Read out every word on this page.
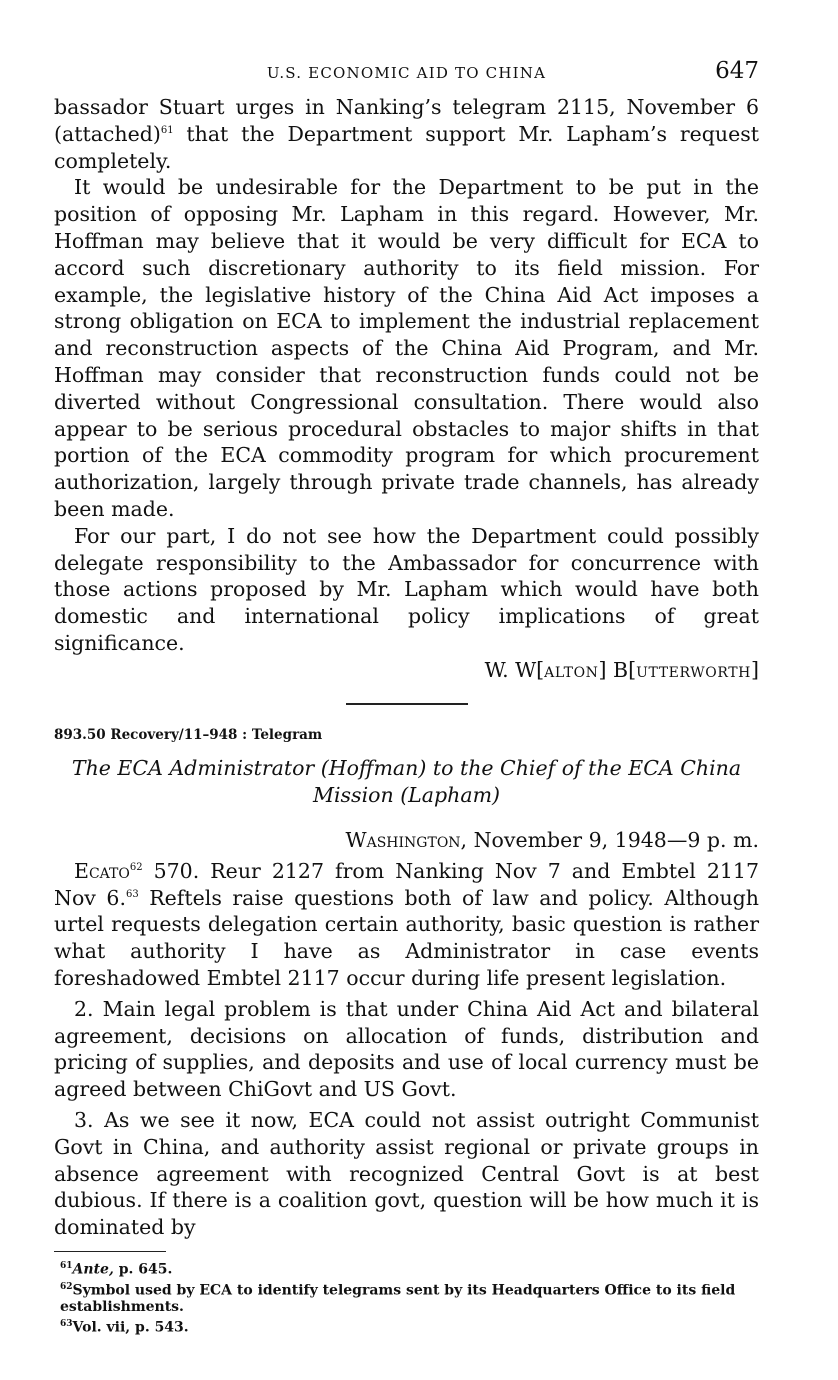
U.S. ECONOMIC AID TO CHINA	647

bassador Stuart urges in Nanking’s telegram 2115, November 6 (attached)$^{61}$ that the Department support Mr. Lapham’s request completely.

It would be undesirable for the Department to be put in the position of opposing Mr. Lapham in this regard. However, Mr. Hoffman may believe that it would be very difficult for ECA to accord such discretionary authority to its field mission. For example, the legislative history of the China Aid Act imposes a strong obligation on ECA to implement the industrial replacement and reconstruction aspects of the China Aid Program, and Mr. Hoffman may consider that reconstruction funds could not be diverted without Congressional consultation. There would also appear to be serious procedural obstacles to major shifts in that portion of the ECA commodity program for which procurement authorization, largely through private trade channels, has already been made.

For our part, I do not see how the Department could possibly delegate responsibility to the Ambassador for concurrence with those actions proposed by Mr. Lapham which would have both domestic and international policy implications of great significance.

W. W[ALTON] B[UTTERWORTH]
893.50 Recovery/11–948 : Telegram
The ECA Administrator (Hoffman) to the Chief of the ECA China
Mission (Lapham)
Washington, November 9, 1948—9 p. m.

Ecato$^{62}$ 570. Reur 2127 from Nanking Nov 7 and Embtel 2117 Nov 6.63 Reftels raise questions both of law and policy. Although urtel requests delegation certain authority, basic question is rather what authority I have as Administrator in case events foreshadowed Embtel 2117 occur during life present legislation.

2. Main legal problem is that under China Aid Act and bilateral agreement, decisions on allocation of funds, distribution and pricing of supplies, and deposits and use of local currency must be agreed between ChiGovt and US Govt.

3. As we see it now, ECA could not assist outright Communist Govt in China, and authority assist regional or private groups in absence agreement with recognized Central Govt is at best dubious. If there is a coalition govt, question will be how much it is dominated by

$^{61}$Ante, p. 645.
$^{62}$Symbol used by ECA to identify telegrams sent by its Headquarters Office to its field establishments.
$^{63}$Vol. vii, p. 543.
